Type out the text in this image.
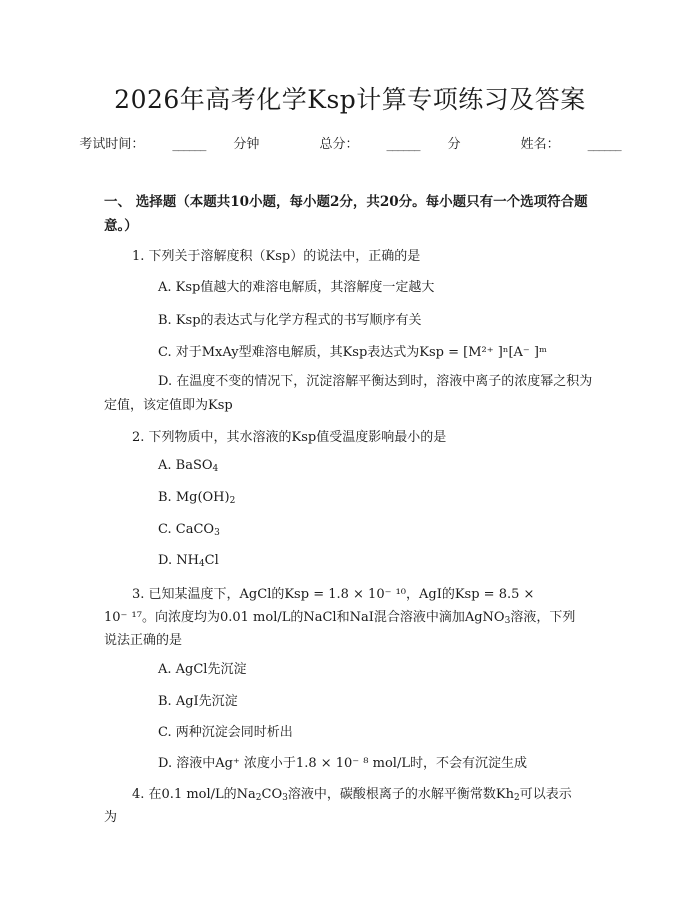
2026年高考化学Ksp计算专项练习及答案
考试时间： ______ 分钟	总分： ______ 分	姓名： ______
一、 选择题（本题共10小题，每小题2分，共20分。每小题只有一个选项符合题意。）
1. 下列关于溶解度积（Ksp）的说法中，正确的是
A. Ksp值越大的难溶电解质，其溶解度一定越大
B. Ksp的表达式与化学方程式的书写顺序有关
C. 对于MxAy型难溶电解质，其Ksp表达式为Ksp = [M²⁺ ]ⁿ[A⁻ ]ᵐ
D. 在温度不变的情况下，沉淀溶解平衡达到时，溶液中离子的浓度幂之积为定值，该定值即为Ksp
2. 下列物质中，其水溶液的Ksp值受温度影响最小的是
A. BaSO$_4$
B. $Mg(OH)_2$
C. CaCO$_3$
D. $NH_4Cl$
3. 已知某温度下，AgCl的Ksp = 1.8 × 10⁻ ¹⁰，AgI的Ksp = 8.5 ×
10⁻ ¹⁷。向浓度均为0.01 mol/L的NaCl和NaI混合溶液中滴加AgNO$_3$溶液，下列
说法正确的是
A. AgCl先沉淀
B. AgI先沉淀
C. 两种沉淀会同时析出
D. 溶液中Ag⁺ 浓度小于1.8 × 10⁻ ⁸ mol/L时，不会有沉淀生成
4. 在0.1 mol/L的$Na_2CO_3$溶液中，碳酸根离子的水解平衡常数$Kh_2$可以表示
为
